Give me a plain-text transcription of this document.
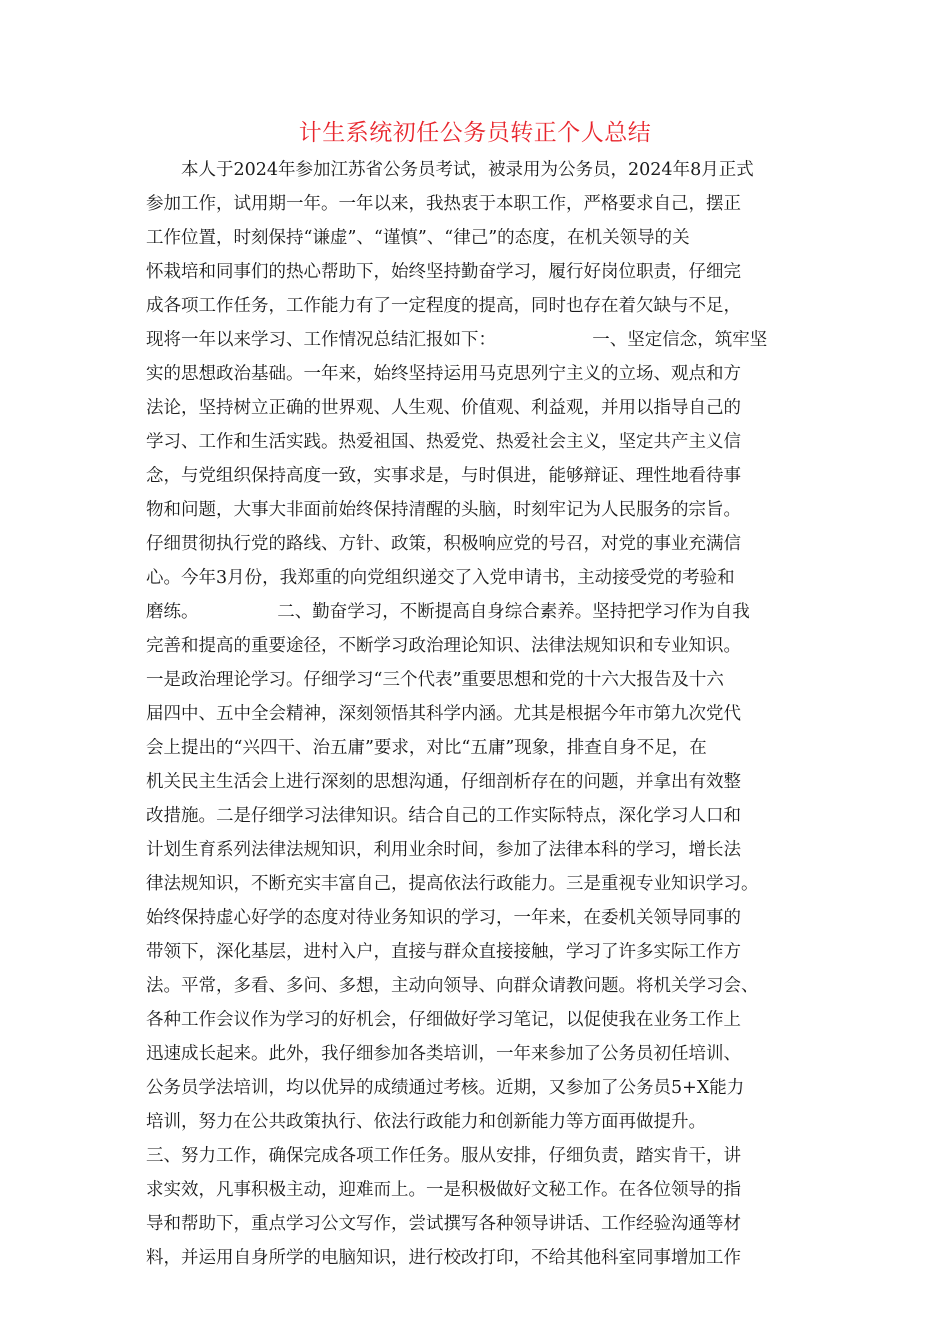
计生系统初任公务员转正个人总结
　　本人于2024年参加江苏省公务员考试，被录用为公务员，2024年8月正式
参加工作，试用期一年。一年以来，我热衷于本职工作，严格要求自己，摆正
工作位置，时刻保持“谦虚”、“谨慎”、“律己”的态度，在机关领导的关
怀栽培和同事们的热心帮助下，始终坚持勤奋学习，履行好岗位职责，仔细完
成各项工作任务，工作能力有了一定程度的提高，同时也存在着欠缺与不足，
现将一年以来学习、工作情况总结汇报如下：　　　　　　一、坚定信念，筑牢坚
实的思想政治基础。一年来，始终坚持运用马克思列宁主义的立场、观点和方
法论，坚持树立正确的世界观、人生观、价值观、利益观，并用以指导自己的
学习、工作和生活实践。热爱祖国、热爱党、热爱社会主义，坚定共产主义信
念，与党组织保持高度一致，实事求是，与时俱进，能够辩证、理性地看待事
物和问题，大事大非面前始终保持清醒的头脑，时刻牢记为人民服务的宗旨。
仔细贯彻执行党的路线、方针、政策，积极响应党的号召，对党的事业充满信
心。今年3月份，我郑重的向党组织递交了入党申请书，主动接受党的考验和
磨练。　　　　　二、勤奋学习，不断提高自身综合素养。坚持把学习作为自我
完善和提高的重要途径，不断学习政治理论知识、法律法规知识和专业知识。
一是政治理论学习。仔细学习“三个代表”重要思想和党的十六大报告及十六
届四中、五中全会精神，深刻领悟其科学内涵。尤其是根据今年市第九次党代
会上提出的“兴四干、治五庸”要求，对比“五庸”现象，排查自身不足，在
机关民主生活会上进行深刻的思想沟通，仔细剖析存在的问题，并拿出有效整
改措施。二是仔细学习法律知识。结合自己的工作实际特点，深化学习人口和
计划生育系列法律法规知识，利用业余时间，参加了法律本科的学习，增长法
律法规知识，不断充实丰富自己，提高依法行政能力。三是重视专业知识学习。
始终保持虚心好学的态度对待业务知识的学习，一年来，在委机关领导同事的
带领下，深化基层，进村入户，直接与群众直接接触，学习了许多实际工作方
法。平常，多看、多问、多想，主动向领导、向群众请教问题。将机关学习会、
各种工作会议作为学习的好机会，仔细做好学习笔记，以促使我在业务工作上
迅速成长起来。此外，我仔细参加各类培训，一年来参加了公务员初任培训、
公务员学法培训，均以优异的成绩通过考核。近期，又参加了公务员5+X能力
培训，努力在公共政策执行、依法行政能力和创新能力等方面再做提升。
三、努力工作，确保完成各项工作任务。服从安排，仔细负责，踏实肯干，讲
求实效，凡事积极主动，迎难而上。一是积极做好文秘工作。在各位领导的指
导和帮助下，重点学习公文写作，尝试撰写各种领导讲话、工作经验沟通等材
料，并运用自身所学的电脑知识，进行校改打印，不给其他科室同事增加工作
